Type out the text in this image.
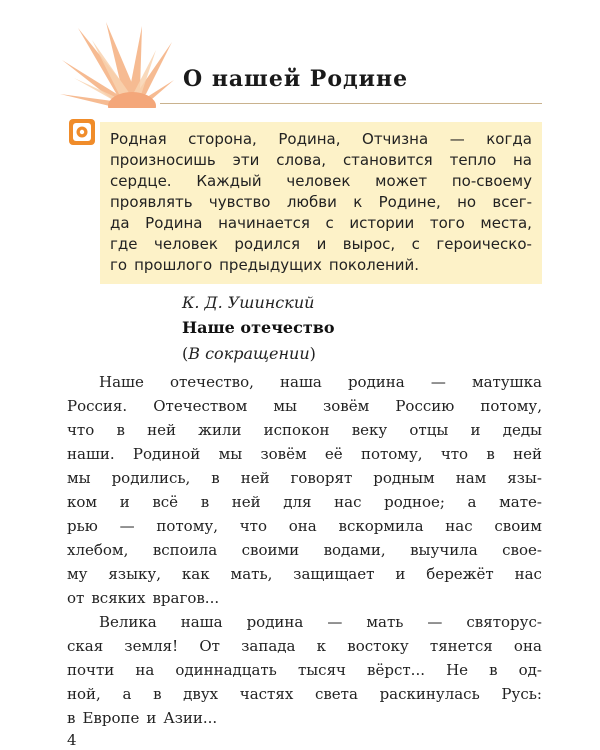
О нашей Родине
Родная сторона, Родина, Отчизна — когда
произносишь эти слова, становится тепло на
сердце. Каждый человек может по-своему
проявлять чувство любви к Родине, но всег-
да Родина начинается с истории того места,
где человек родился и вырос, с героическо-
го прошлого предыдущих поколений.
К. Д. Ушинский
Наше отечество
(В сокращении)
Наше отечество, наша родина — матушка
Россия. Отечеством мы зовём Россию потому,
что в ней жили испокон веку отцы и деды
наши. Родиной мы зовём её потому, что в ней
мы родились, в ней говорят родным нам язы-
ком и всё в ней для нас родное; а мате-
рью — потому, что она вскормила нас своим
хлебом, вспоила своими водами, выучила свое-
му языку, как мать, защищает и бережёт нас
от всяких врагов...
Велика наша родина — мать — святорус-
ская земля! От запада к востоку тянется она
почти на одиннадцать тысяч вёрст... Не в од-
ной, а в двух частях света раскинулась Русь:
в Европе и Азии...
4
